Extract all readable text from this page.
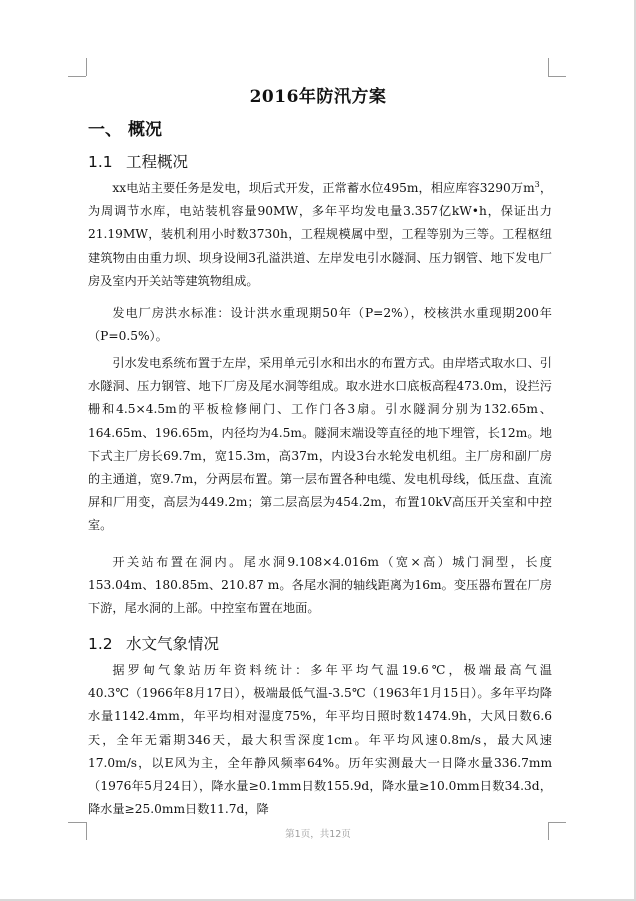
2016年防汛方案
一、 概况
1.1 工程概况

xx电站主要任务是发电，坝后式开发，正常蓄水位495m，相应库容3290万$m^3$，为周调节水库，电站装机容量90MW，多年平均发电量3.357亿kW•h，保证出力21.19MW，装机利用小时数3730h，工程规模属中型，工程等别为三等。工程枢纽建筑物由由重力坝、坝身设闸3孔溢洪道、左岸发电引水隧洞、压力钢管、地下发电厂房及室内开关站等建筑物组成。

发电厂房洪水标准：设计洪水重现期50年（P=2%），校核洪水重现期200年（P=0.5%）。

引水发电系统布置于左岸，采用单元引水和出水的布置方式。由岸塔式取水口、引水隧洞、压力钢管、地下厂房及尾水洞等组成。取水进水口底板高程473.0m，设拦污栅和4.5×4.5m的平板检修闸门、工作门各3扇。引水隧洞分别为132.65m、164.65m、196.65m，内径均为4.5m。隧洞末端设等直径的地下埋管，长12m。地下式主厂房长69.7m，宽15.3m，高37m，内设3台水轮发电机组。主厂房和副厂房的主通道，宽9.7m，分两层布置。第一层布置各种电缆、发电机母线，低压盘、直流屏和厂用变，高层为449.2m；第二层高层为454.2m，布置10kV高压开关室和中控室。

开关站布置在洞内。尾水洞9.108×4.016m（宽×高）城门洞型，长度153.04m、180.85m、210.87 m。各尾水洞的轴线距离为16m。变压器布置在厂房下游，尾水洞的上部。中控室布置在地面。

1.2 水文气象情况

据罗甸气象站历年资料统计：多年平均气温19.6℃，极端最高气温40.3℃（1966年8月17日），极端最低气温-3.5℃（1963年1月15日）。多年平均降水量1142.4mm，年平均相对湿度75%，年平均日照时数1474.9h，大风日数6.6天，全年无霜期346天，最大积雪深度1cm。年平均风速0.8m/s，最大风速17.0m/s，以E风为主，全年静风频率64%。历年实测最大一日降水量336.7mm（1976年5月24日），降水量≥0.1mm日数155.9d，降水量≥10.0mm日数34.3d，降水量≥25.0mm日数11.7d，降

第1页，共12页
